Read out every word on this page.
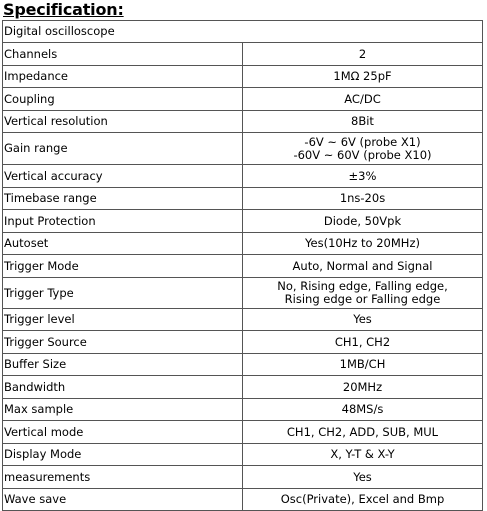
Specification:
Digital oscilloscope	
Channels	2

Impedance	1MΩ 25pF

Coupling	AC/DC

Vertical resolution	8Bit

Gain range	-6V ~ 6V (probe X1)
-60V ~ 60V (probe X10)

Vertical accuracy	±3%

Timebase range	1ns-20s

Input Protection	Diode, 50Vpk

Autoset	Yes(10Hz to 20MHz)

Trigger Mode	Auto, Normal and Signal

Trigger Type	No, Rising edge, Falling edge,
Rising edge or Falling edge

Trigger level	Yes

Trigger Source	CH1, CH2

Buffer Size	1MB/CH

Bandwidth	20MHz

Max sample	48MS/s

Vertical mode	CH1, CH2, ADD, SUB, MUL

Display Mode	X, Y-T & X-Y

measurements	Yes

Wave save	Osc(Private), Excel and Bmp
